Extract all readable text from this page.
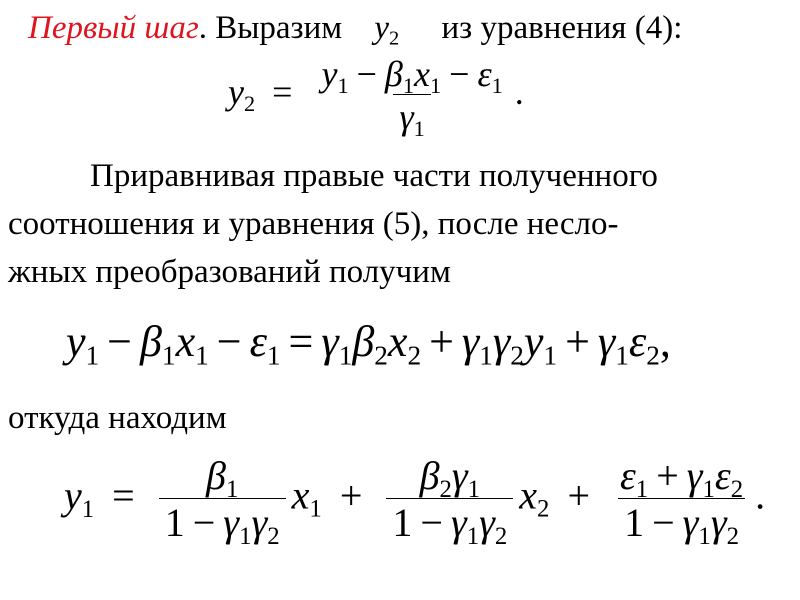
Первый шаг. Выразим $y_2$ из уравнения (4):
$y_2 = \frac{y_1 - \beta_1x_1 - \varepsilon_1}{\gamma_1}$ .
Приравнивая правые части полученного
соотношения и уравнения (5), после несло-
жных преобразований получим
$y_1 - \beta_1x_1 - \varepsilon_1 = \gamma_1\beta_2x_2 + \gamma_1\gamma_2y_1 + \gamma_1\varepsilon_2$,
откуда находим
$y_1 = \frac{\beta_1}{1 - \gamma_1\gamma_2} x_1 + \frac{\beta_2\gamma_1}{1 - \gamma_1\gamma_2} x_2 + \frac{\varepsilon_1 + \gamma_1\varepsilon_2}{1 - \gamma_1\gamma_2}$ .
